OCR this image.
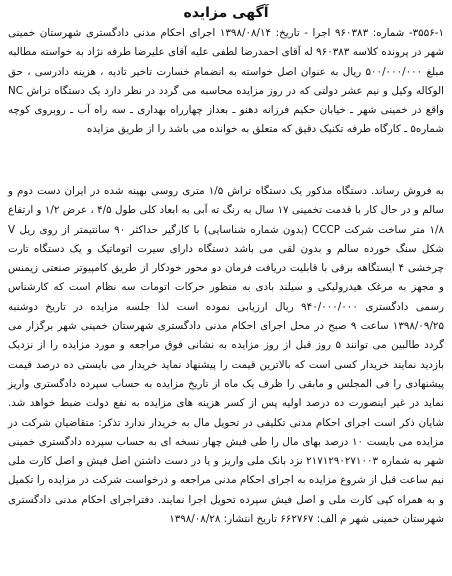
آگهی مزایده

۳۵۵۶-۱- شماره: ۹۶۰۳۸۳ اجرا - تاریخ: ۱۳۹۸/۰۸/۱۴ اجرای احکام مدنی دادگستری شهرستان خمینی شهر در پرونده کلاسه ۹۶۰۳۸۳ له آقای احمدرضا لطفی علیه آقای علیرضا طرفه نژاد به خواسته مطالبه مبلغ ۵۰۰/۰۰۰/۰۰۰ ریال به عنوان اصل خواسته به انضمام خسارت تاخیر تادیه ، هزینه دادرسی ، حق الوکاله وکیل و نیم عشر دولتی که در روز مزایده محاسبه می گردد در نظر دارد یک دستگاه تراش NC واقع در خمینی شهر ـ خیابان حکیم فرزانه دهنو ـ بعداز چهارراه بهداری ـ سه راه آب ـ روبروی کوچه شماره۵ ـ کارگاه طرفه تکنیک دقیق که متعلق به خوانده می باشد را از طریق مزایده

به فروش رساند. دستگاه مذکور یک دستگاه تراش ۱/۵ متری روسی بهینه شده در ایران دست دوم و سالم و در حال کار با قدمت تخمینی ۱۷ سال به رنگ ته آبی به ابعاد کلی طول ۴/۵ ، عرض ۱/۲ و ارتفاع ۱/۸ متر ساخت شرکت CCCP (بدون شماره شناسایی) با کارگیر حداکثر ۹۰ سانتیمتر از روی ریل V شکل سنگ خورده سالم و بدون لقی می باشد دستگاه دارای سیرت اتوماتیک و یک دستگاه تارت چرخشی ۴ ایستگاهه برقی با قابلیت دریافت فرمان دو محور خودکار از طریق کامپیوتر صنعتی زیمنس و مجهز به مرغک هیدرولیکی و سیلند بادی به منظور حرکات اتومات سه نظام است که کارشناس رسمی دادگستری ۹۴۰/۰۰۰/۰۰۰ ریال ارزیابی نموده است لذا جلسه مزایده در تاریخ دوشنبه ۱۳۹۸/۰۹/۲۵ ساعت ۹ صبح در محل اجرای احکام مدنی دادگستری شهرستان خمینی شهر برگزار می گردد طالبین می توانند ۵ روز قبل از روز مزایده به نشانی فوق مراجعه و مورد مزایده را از نزدیک بازدید نمایند خریدار کسی است که بالاترین قیمت را پیشنهاد نماید خریدار می بایستی ده درصد قیمت پیشنهادی را فی المجلس و مابقی را ظرف یک ماه از تاریخ مزایده به حساب سپرده دادگستری واریز نماید در غیر اینصورت ده درصد اولیه پس از کسر هزینه های مزایده به نفع دولت ضبط خواهد شد. شایان ذکر است اجرای احکام مدنی تکلیفی در تحویل مال به خریدار ندارد تذکر: متقاضیان شرکت در مزایده می بایست ۱۰ درصد بهای مال را طی فیش چهار نسخه ای به حساب سپرده دادگستری خمینی شهر به شماره ۲۱۷۱۲۹۰۲۷۱۰۰۳ نزد بانک ملی واریز و یا در دست داشتن اصل فیش و اصل کارت ملی نیم ساعت قبل از شروع مزایده به اجرای احکام مدنی مراجعه و درخواست شرکت در مزایده را تکمیل و به همراه کپی کارت ملی و اصل فیش سپرده تحویل اجرا نمایند. دفتراجرای احکام مدنی دادگستری شهرستان خمینی شهر م الف: ۶۶۲۷۶۷ تاریخ انتشار: ۱۳۹۸/۰۸/۲۸
